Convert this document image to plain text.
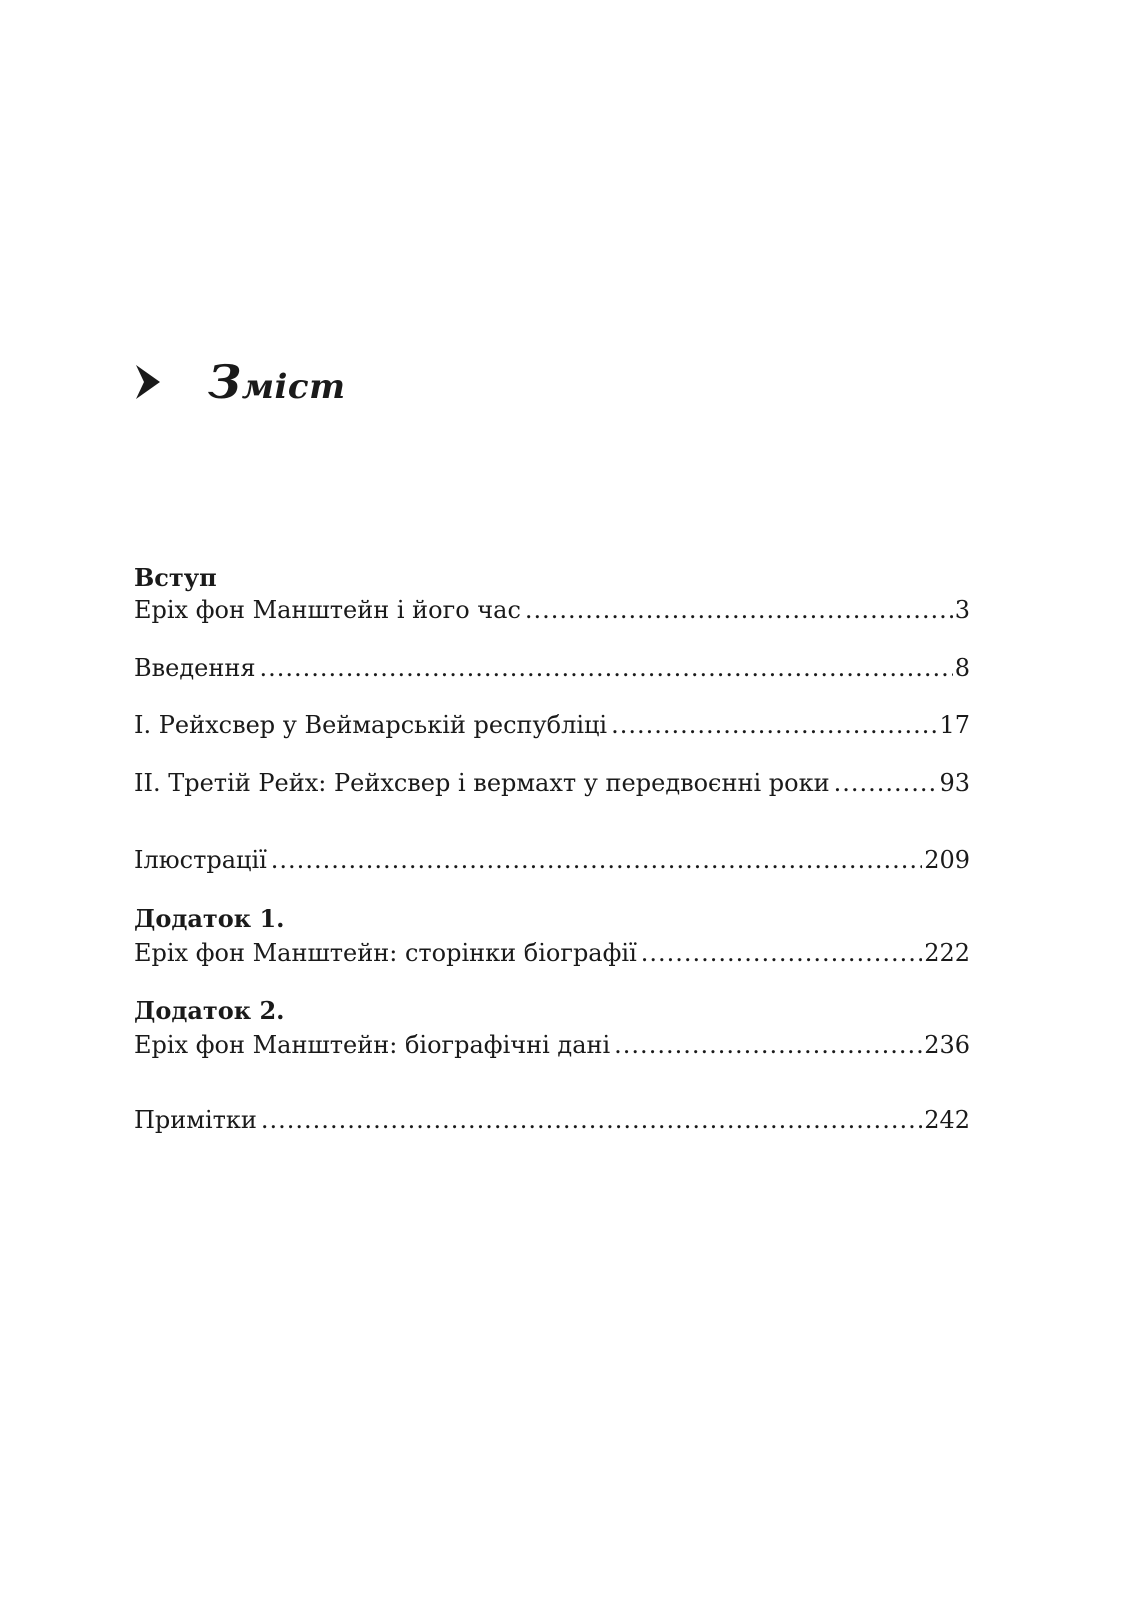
Зміст
Вступ
Еріх фон Манштейн і його час .....	3
Введення .....	8
I. Рейхсвер у Веймарській республіці .....	17
II. Третій Рейх: Рейхсвер і вермахт у передвоєнні роки .....	93
Ілюстрації .....	209
Додаток 1.
Еріх фон Манштейн: сторінки біографії .....	222
Додаток 2.
Еріх фон Манштейн: біографічні дані .....	236
Примітки .....	242
